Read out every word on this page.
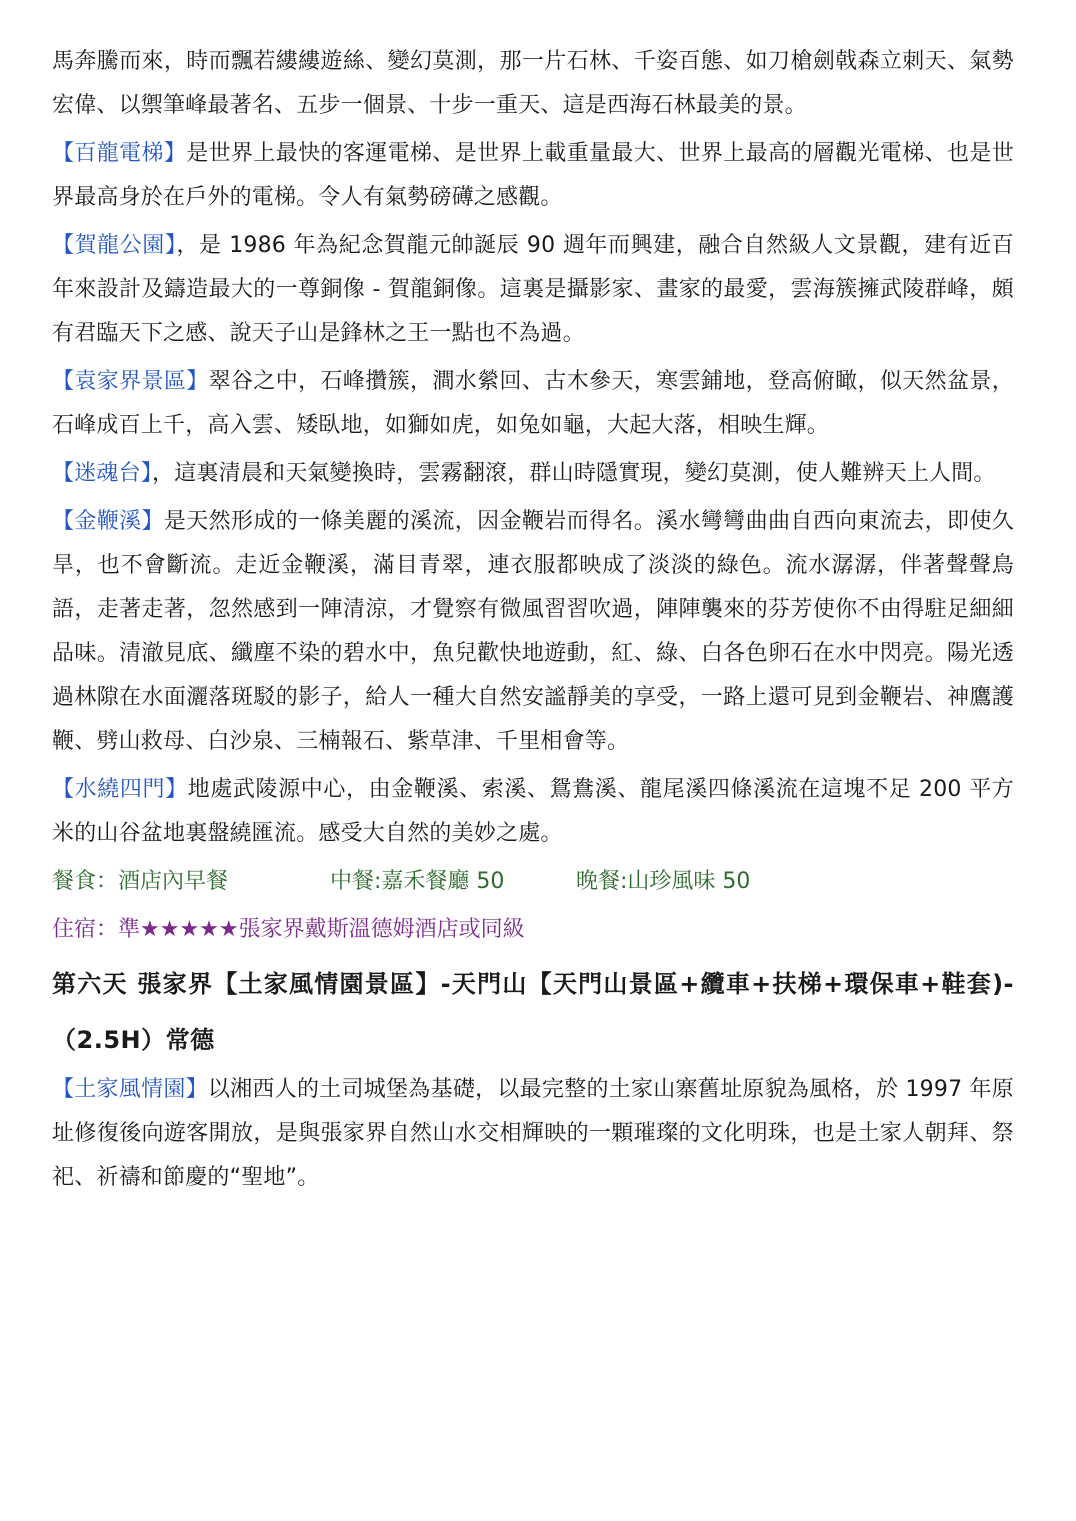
馬奔騰而來，時而飄若縷縷遊絲、變幻莫測，那一片石林、千姿百態、如刀槍劍戟森立刺天、氣勢宏偉、以禦筆峰最著名、五步一個景、十步一重天、這是西海石林最美的景。

【百龍電梯】是世界上最快的客運電梯、是世界上載重量最大、世界上最高的層觀光電梯、也是世界最高身於在戶外的電梯。令人有氣勢磅礡之感觀。

【賀龍公園】，是 1986 年為紀念賀龍元帥誕辰 90 週年而興建，融合自然級人文景觀，建有近百年來設計及鑄造最大的一尊銅像 - 賀龍銅像。這裏是攝影家、畫家的最愛，雲海簇擁武陵群峰，頗有君臨天下之感、說天子山是鋒林之王一點也不為過。

【袁家界景區】翠谷之中，石峰攢簇，澗水縈回、古木參天，寒雲鋪地，登高俯瞰，似天然盆景，石峰成百上千，高入雲、矮臥地，如獅如虎，如兔如龜，大起大落，相映生輝。

【迷魂台】，這裏清晨和天氣變換時，雲霧翻滾，群山時隱實現，變幻莫測，使人難辨天上人間。

【金鞭溪】是天然形成的一條美麗的溪流，因金鞭岩而得名。溪水彎彎曲曲自西向東流去，即使久旱，也不會斷流。走近金鞭溪，滿目青翠，連衣服都映成了淡淡的綠色。流水潺潺，伴著聲聲鳥語，走著走著，忽然感到一陣清涼，才覺察有微風習習吹過，陣陣襲來的芬芳使你不由得駐足細細品味。清澈見底、纖塵不染的碧水中，魚兒歡快地遊動，紅、綠、白各色卵石在水中閃亮。陽光透過林隙在水面灑落斑駁的影子，給人一種大自然安謐靜美的享受，一路上還可見到金鞭岩、神鷹護鞭、劈山救母、白沙泉、三楠報石、紫草津、千里相會等。

【水繞四門】地處武陵源中心，由金鞭溪、索溪、鴛鴦溪、龍尾溪四條溪流在這塊不足 200 平方米的山谷盆地裏盤繞匯流。感受大自然的美妙之處。

餐食：酒店內早餐	中餐:嘉禾餐廳 50	晚餐:山珍風味 50
住宿：準★★★★★張家界戴斯溫德姆酒店或同級

第六天 張家界【土家風情園景區】-天門山【天門山景區+纜車+扶梯+環保車+鞋套)- （2.5H）常德

【土家風情園】以湘西人的土司城堡為基礎，以最完整的土家山寨舊址原貌為風格，於 1997 年原址修復後向遊客開放，是與張家界自然山水交相輝映的一顆璀璨的文化明珠，也是土家人朝拜、祭祀、祈禱和節慶的“聖地”。
